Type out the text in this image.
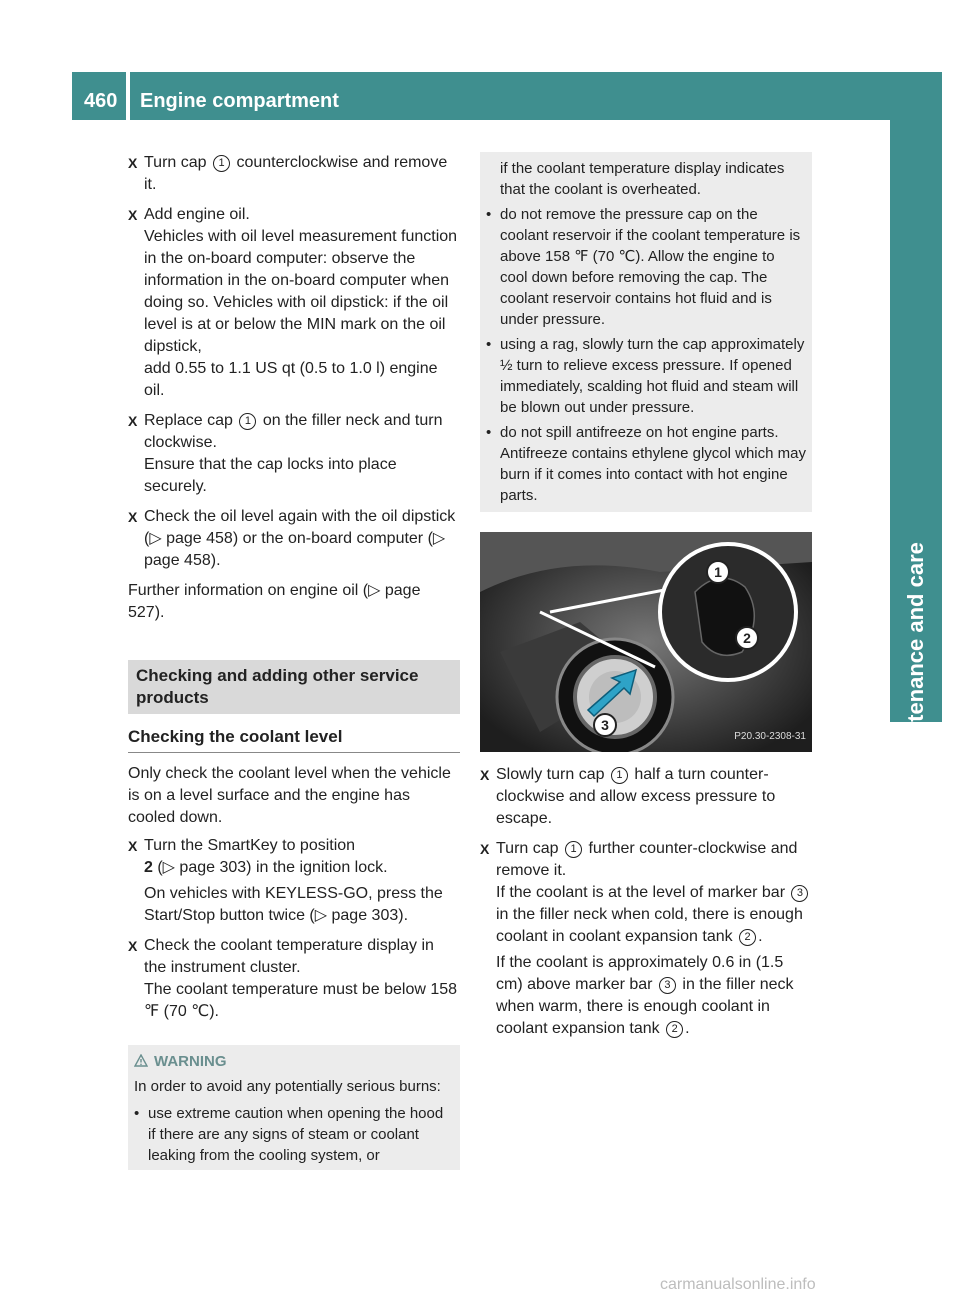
460 Engine compartment
Maintenance and care
X Turn cap 1 counterclockwise and remove it.
X Add engine oil.
Vehicles with oil level measurement function in the on-board computer: observe the information in the on-board computer when doing so. Vehicles with oil dipstick: if the oil level is at or below the MIN mark on the oil dipstick,
add 0.55 to 1.1 US qt (0.5 to 1.0 l) engine oil.
X Replace cap 1 on the filler neck and turn clockwise.
Ensure that the cap locks into place securely.
X Check the oil level again with the oil dipstick (▷ page 458) or the on-board computer (▷ page 458).
Further information on engine oil (▷ page 527).
Checking and adding other service products
Checking the coolant level
Only check the coolant level when the vehicle is on a level surface and the engine has cooled down.
X Turn the SmartKey to position
2 (▷ page 303) in the ignition lock.
On vehicles with KEYLESS-GO, press the Start/Stop button twice (▷ page 303).
X Check the coolant temperature display in the instrument cluster.
The coolant temperature must be below 158 ℉ (70 ℃).
WARNING
In order to avoid any potentially serious burns:
• use extreme caution when opening the hood if there are any signs of steam or coolant leaking from the cooling system, or
if the coolant temperature display indicates that the coolant is overheated.
• do not remove the pressure cap on the coolant reservoir if the coolant temperature is above 158 ℉ (70 ℃). Allow the engine to cool down before removing the cap. The coolant reservoir contains hot fluid and is under pressure.
• using a rag, slowly turn the cap approximately ½ turn to relieve excess pressure. If opened immediately, scalding hot fluid and steam will be blown out under pressure.
• do not spill antifreeze on hot engine parts. Antifreeze contains ethylene glycol which may burn if it comes into contact with hot engine parts.
1
2
3
P20.30-2308-31
X Slowly turn cap 1 half a turn counter-clockwise and allow excess pressure to escape.
X Turn cap 1 further counter-clockwise and remove it.
If the coolant is at the level of marker bar 3 in the filler neck when cold, there is enough coolant in coolant expansion tank 2 .
If the coolant is approximately 0.6 in (1.5 cm) above marker bar 3 in the filler neck when warm, there is enough coolant in coolant expansion tank 2 .
carmanualsonline.info
